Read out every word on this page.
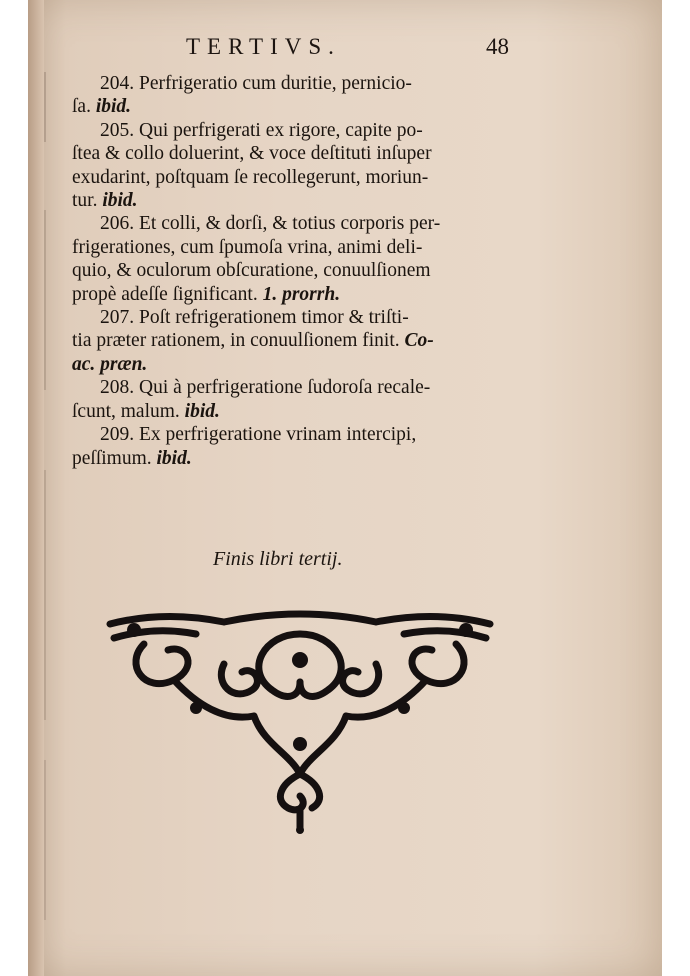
TERTIVS.	48
204. Perfrigeratio cum duritie, pernicio-
ſa. ibid.
205. Qui perfrigerati ex rigore, capite po-
ſtea & collo doluerint, & voce deſtituti inſuper
exudarint, poſtquam ſe recollegerunt, moriun-
tur. ibid.
206. Et colli, & dorſi, & totius corporis per-
frigerationes, cum ſpumoſa vrina, animi deli-
quio, & oculorum obſcuratione, conuulſionem
propè adeſſe ſignificant. 1. prorrh.
207. Poſt refrigerationem timor & triſti-
tia præter rationem, in conuulſionem finit. Co-
ac. præn.
208. Qui à perfrigeratione ſudoroſa recale-
ſcunt, malum. ibid.
209. Ex perfrigeratione vrinam intercipi,
peſſimum. ibid.
Finis libri tertij.
